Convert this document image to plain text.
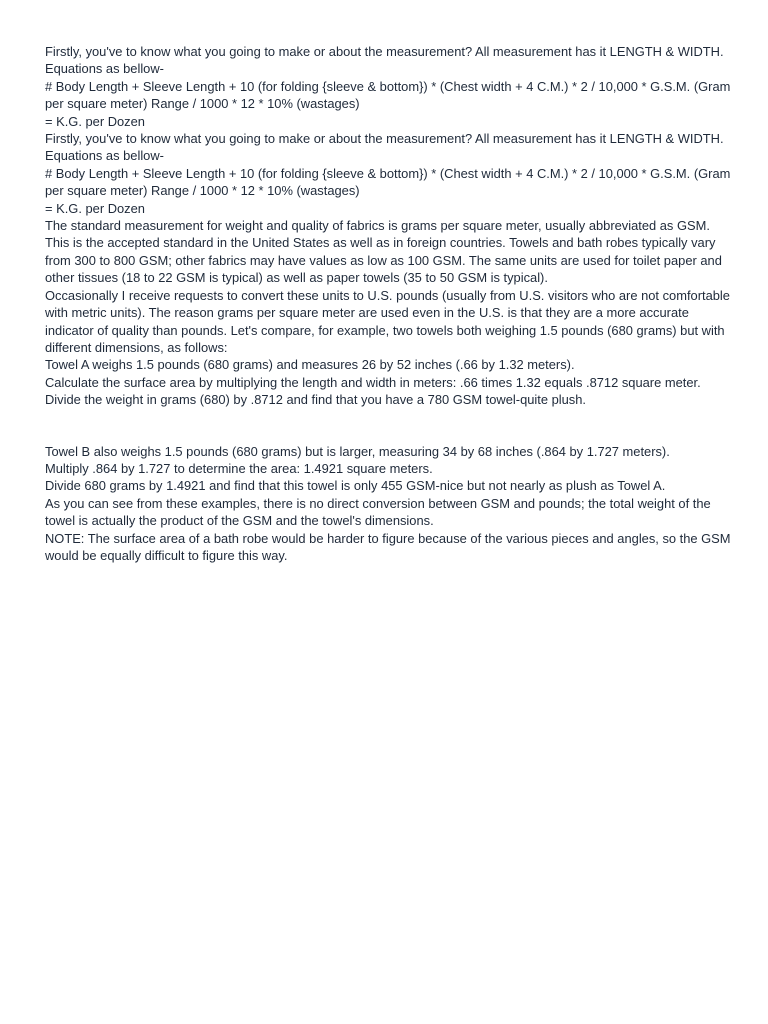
Firstly, you've to know what you going to make or about the measurement? All measurement has it LENGTH & WIDTH. Equations as bellow-
# Body Length + Sleeve Length + 10 (for folding {sleeve & bottom}) * (Chest width + 4 C.M.) * 2 / 10,000 * G.S.M. (Gram per square meter) Range / 1000 * 12 * 10% (wastages)
= K.G. per Dozen
Firstly, you've to know what you going to make or about the measurement? All measurement has it LENGTH & WIDTH. Equations as bellow-
# Body Length + Sleeve Length + 10 (for folding {sleeve & bottom}) * (Chest width + 4 C.M.) * 2 / 10,000 * G.S.M. (Gram per square meter) Range / 1000 * 12 * 10% (wastages)
= K.G. per Dozen
The standard measurement for weight and quality of fabrics is grams per square meter, usually abbreviated as GSM. This is the accepted standard in the United States as well as in foreign countries. Towels and bath robes typically vary from 300 to 800 GSM; other fabrics may have values as low as 100 GSM. The same units are used for toilet paper and other tissues (18 to 22 GSM is typical) as well as paper towels (35 to 50 GSM is typical).
Occasionally I receive requests to convert these units to U.S. pounds (usually from U.S. visitors who are not comfortable with metric units). The reason grams per square meter are used even in the U.S. is that they are a more accurate indicator of quality than pounds. Let's compare, for example, two towels both weighing 1.5 pounds (680 grams) but with different dimensions, as follows:
Towel A weighs 1.5 pounds (680 grams) and measures 26 by 52 inches (.66 by 1.32 meters).
Calculate the surface area by multiplying the length and width in meters: .66 times 1.32 equals .8712 square meter.
Divide the weight in grams (680) by .8712 and find that you have a 780 GSM towel-quite plush.
Towel B also weighs 1.5 pounds (680 grams) but is larger, measuring 34 by 68 inches (.864 by 1.727 meters).
Multiply .864 by 1.727 to determine the area: 1.4921 square meters.
Divide 680 grams by 1.4921 and find that this towel is only 455 GSM-nice but not nearly as plush as Towel A.
As you can see from these examples, there is no direct conversion between GSM and pounds; the total weight of the towel is actually the product of the GSM and the towel's dimensions.
NOTE: The surface area of a bath robe would be harder to figure because of the various pieces and angles, so the GSM would be equally difficult to figure this way.
